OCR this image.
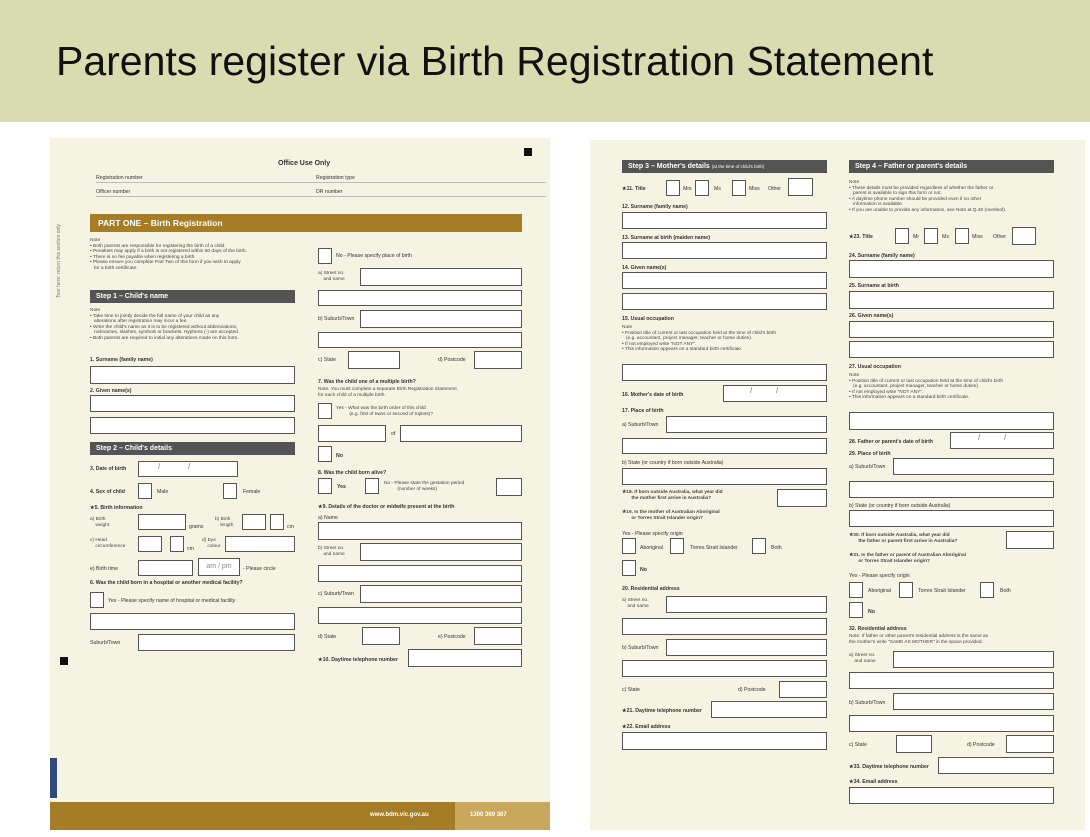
Parents register via Birth Registration Statement
Office Use Only
Registration number	Registration type
Officer number	DR number
Tear here: return this section only
PART ONE – Birth Registration
Note
• Both parents are responsible for registering the birth of a child.
• Penalties may apply if a birth is not registered within 60 days of the birth.
• There is no fee payable when registering a birth.
• Please ensure you complete Part Two of this form if you wish to apply
for a birth certificate.
Step 1 – Child's name
Note
• Take time to jointly decide the full name of your child as any
alterations after registration may incur a fee.
• Write the child's name as it is to be registered without abbreviations,
nicknames, slashes, symbols or brackets. Hyphens (-) are accepted.
• Both parents are required to initial any alterations made on this form.
1. Surname (family name)
2. Given name(s)
Step 2 – Child's details
3. Date of birth	/	/
4. Sex of child	Male	Female
★5. Birth information
a) Birth
weight	grams
b) Birth
length	cm
c) Head
circumference	cm
d) Eye
colour
e) Birth time	am / pm	- Please circle
6. Was the child born in a hospital or another medical facility?
Yes - Please specify name of hospital or medical facility
Suburb/Town
No - Please specify place of birth
a) Street no.
and name
b) Suburb/Town
c) State	d) Postcode
7. Was the child one of a multiple birth?
Note. You must complete a separate Birth Registration Statement
for each child of a multiple birth.
Yes - What was the birth order of this child
(e.g. first of twins or second of triplets)?
of
No
8. Was the child born alive?
Yes
No - Please state the gestation period
(number of weeks)
★9. Details of the doctor or midwife present at the birth
a) Name
b) Street no.
and name
c) Suburb/Town
d) State	e) Postcode
★10. Daytime telephone number
www.bdm.vic.gov.au	1300 369 367
Step 3 – Mother's details (at the time of child's birth)
★11. Title	Mrs	Ms	Miss Other
12. Surname (family name)
13. Surname at birth (maiden name)
14. Given name(s)
15. Usual occupation
Note
• Position title of current or last occupation held at the time of child's birth
(e.g. accountant, project manager, teacher or home duties).
• If not employed write "NOT ANY".
• This information appears on a standard birth certificate.
16. Mother's date of birth	/	/
17. Place of birth
a) Suburb/Town
b) State (or country if born outside Australia)
★18. If born outside Australia, what year did
the mother first arrive in Australia?
★19. Is the mother of Australian Aboriginal
or Torres Strait Islander origin?
Yes - Please specify origin
Aboriginal	Torres Strait Islander	Both
No
20. Residential address
a) Street no.
and name
b) Suburb/Town
c) State	d) Postcode
★21. Daytime telephone number
★22. Email address
Step 4 – Father or parent's details
Note
• These details must be provided regardless of whether the father or
parent is available to sign this form or not.
• A daytime phone number should be provided even if no other
information is available.
• If you are unable to provide any information, see Note at Q.40 (overleaf).
★23. Title	Mr	Ms	Miss Other
24. Surname (family name)
25. Surname at birth
26. Given name(s)
27. Usual occupation
Note
• Position title of current or last occupation held at the time of child's birth
(e.g. accountant, project manager, teacher or home duties).
• If not employed write "NOT ANY".
• This information appears on a standard birth certificate.
28. Father or parent's date of birth	/	/
29. Place of birth
a) Suburb/Town
b) State (or country if born outside Australia)
★30. If born outside Australia, what year did
the father or parent first arrive in Australia?
★31. Is the father or parent of Australian Aboriginal
or Torres Strait Islander origin?
Yes - Please specify origin
Aboriginal	Torres Strait Islander	Both
No
32. Residential address
Note. If father or other parent's residential address is the same as
the mother's write "SAME AS MOTHER" in the space provided.
a) Street no.
and name
b) Suburb/Town
c) State	d) Postcode
★33. Daytime telephone number
★34. Email address
